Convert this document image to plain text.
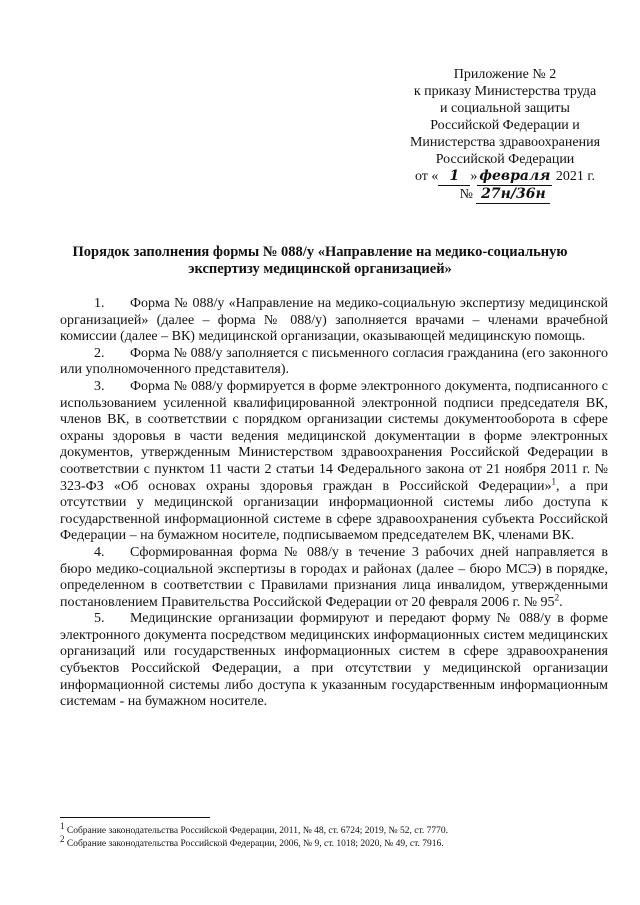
Приложение № 2
к приказу Министерства труда
и социальной защиты
Российской Федерации и
Министерства здравоохранения
Российской Федерации
от « 1 » февраля 2021 г.
№ 27н/36н
Порядок заполнения формы № 088/у «Направление на медико-социальную экспертизу медицинской организацией»

1. Форма № 088/у «Направление на медико-социальную экспертизу медицинской организацией» (далее – форма № 088/у) заполняется врачами – членами врачебной комиссии (далее – ВК) медицинской организации, оказывающей медицинскую помощь.

2. Форма № 088/у заполняется с письменного согласия гражданина (его законного или уполномоченного представителя).

3. Форма № 088/у формируется в форме электронного документа, подписанного с использованием усиленной квалифицированной электронной подписи председателя ВК, членов ВК, в соответствии с порядком организации системы документооборота в сфере охраны здоровья в части ведения медицинской документации в форме электронных документов, утвержденным Министерством здравоохранения Российской Федерации в соответствии с пунктом 11 части 2 статьи 14 Федерального закона от 21 ноября 2011 г. № 323-ФЗ «Об основах охраны здоровья граждан в Российской Федерации»$^1$, а при отсутствии у медицинской организации информационной системы либо доступа к государственной информационной системе в сфере здравоохранения субъекта Российской Федерации – на бумажном носителе, подписываемом председателем ВК, членами ВК.

4. Сформированная форма № 088/у в течение 3 рабочих дней направляется в бюро медико-социальной экспертизы в городах и районах (далее – бюро МСЭ) в порядке, определенном в соответствии с Правилами признания лица инвалидом, утвержденными постановлением Правительства Российской Федерации от 20 февраля 2006 г. № $95^2$.

5. Медицинские организации формируют и передают форму № 088/у в форме электронного документа посредством медицинских информационных систем медицинских организаций или государственных информационных систем в сфере здравоохранения субъектов Российской Федерации, а при отсутствии у медицинской организации информационной системы либо доступа к указанным государственным информационным системам - на бумажном носителе.

$^1$ Собрание законодательства Российской Федерации, 2011, № 48, ст. 6724; 2019, № 52, ст. 7770.
$^2$ Собрание законодательства Российской Федерации, 2006, № 9, ст. 1018; 2020, № 49, ст. 7916.
